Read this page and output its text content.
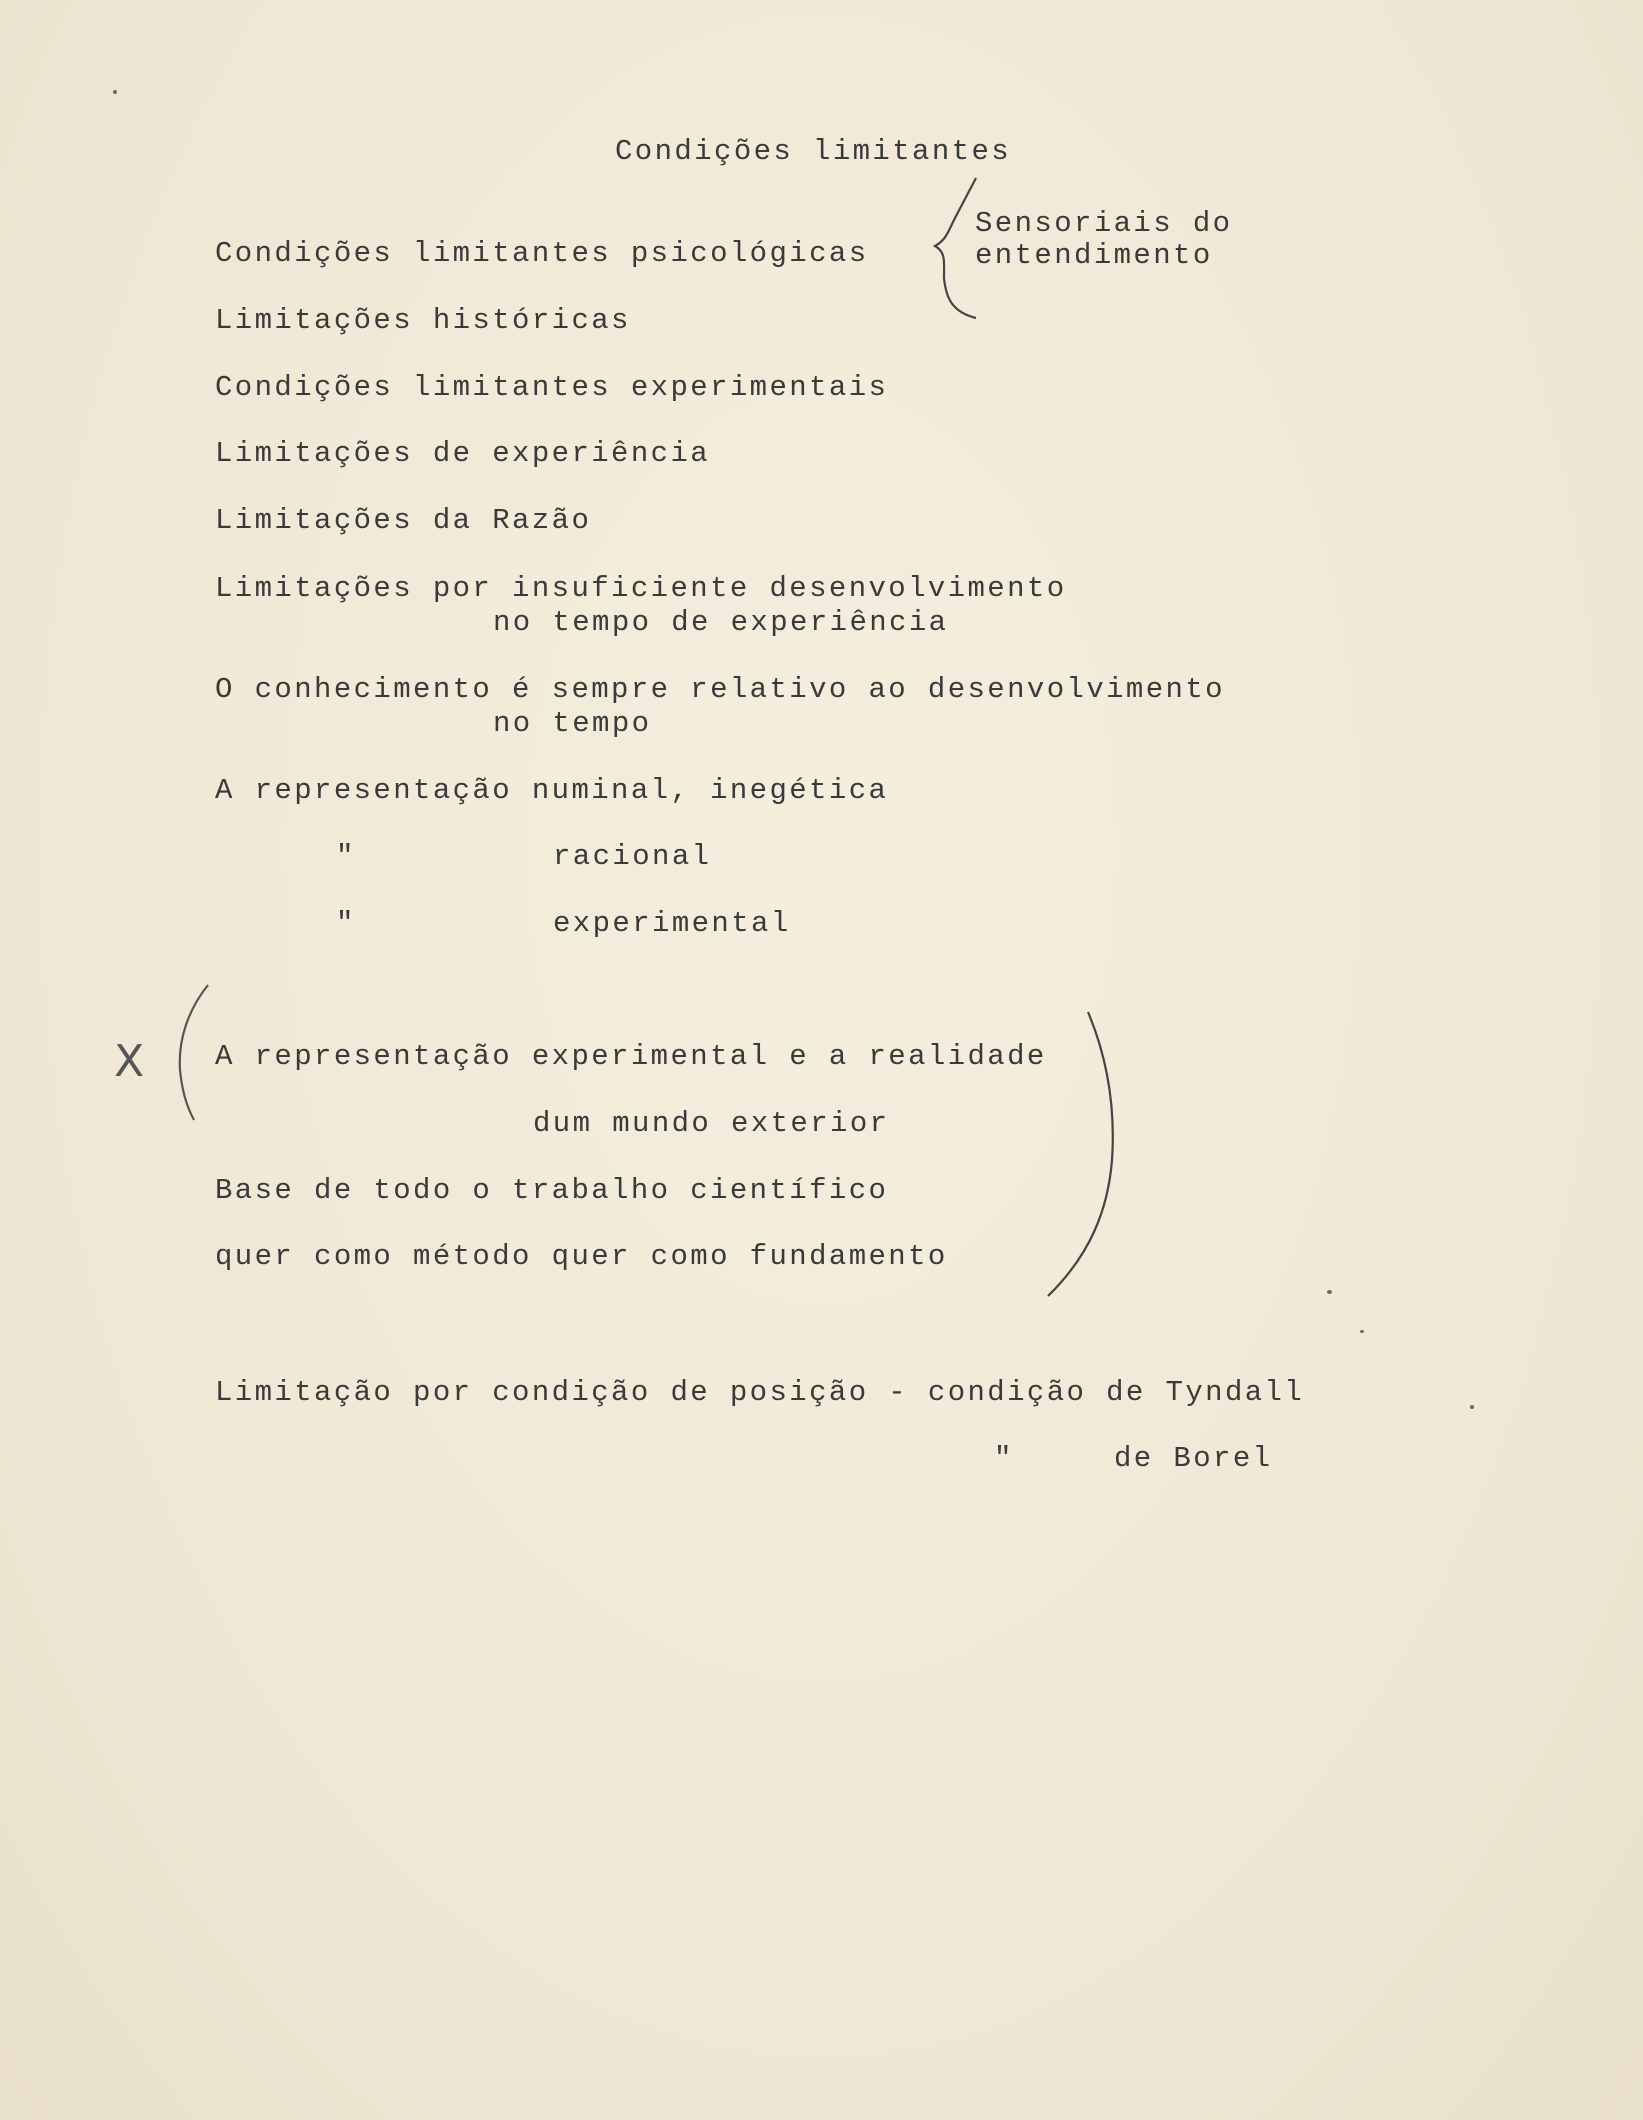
Condições limitantes
Sensoriais do
entendimento
Condições limitantes psicológicas
Limitações históricas
Condições limitantes experimentais
Limitações de experiência
Limitações da Razão
Limitações por insuficiente desenvolvimento
no tempo de experiência
O conhecimento é sempre relativo ao desenvolvimento
no tempo
A representação numinal, inegética
"	racional
"	experimental
X A representação experimental e a realidade
dum mundo exterior
Base de todo o trabalho científico
quer como método quer como fundamento
Limitação por condição de posição - condição de Tyndall
"	de Borel
